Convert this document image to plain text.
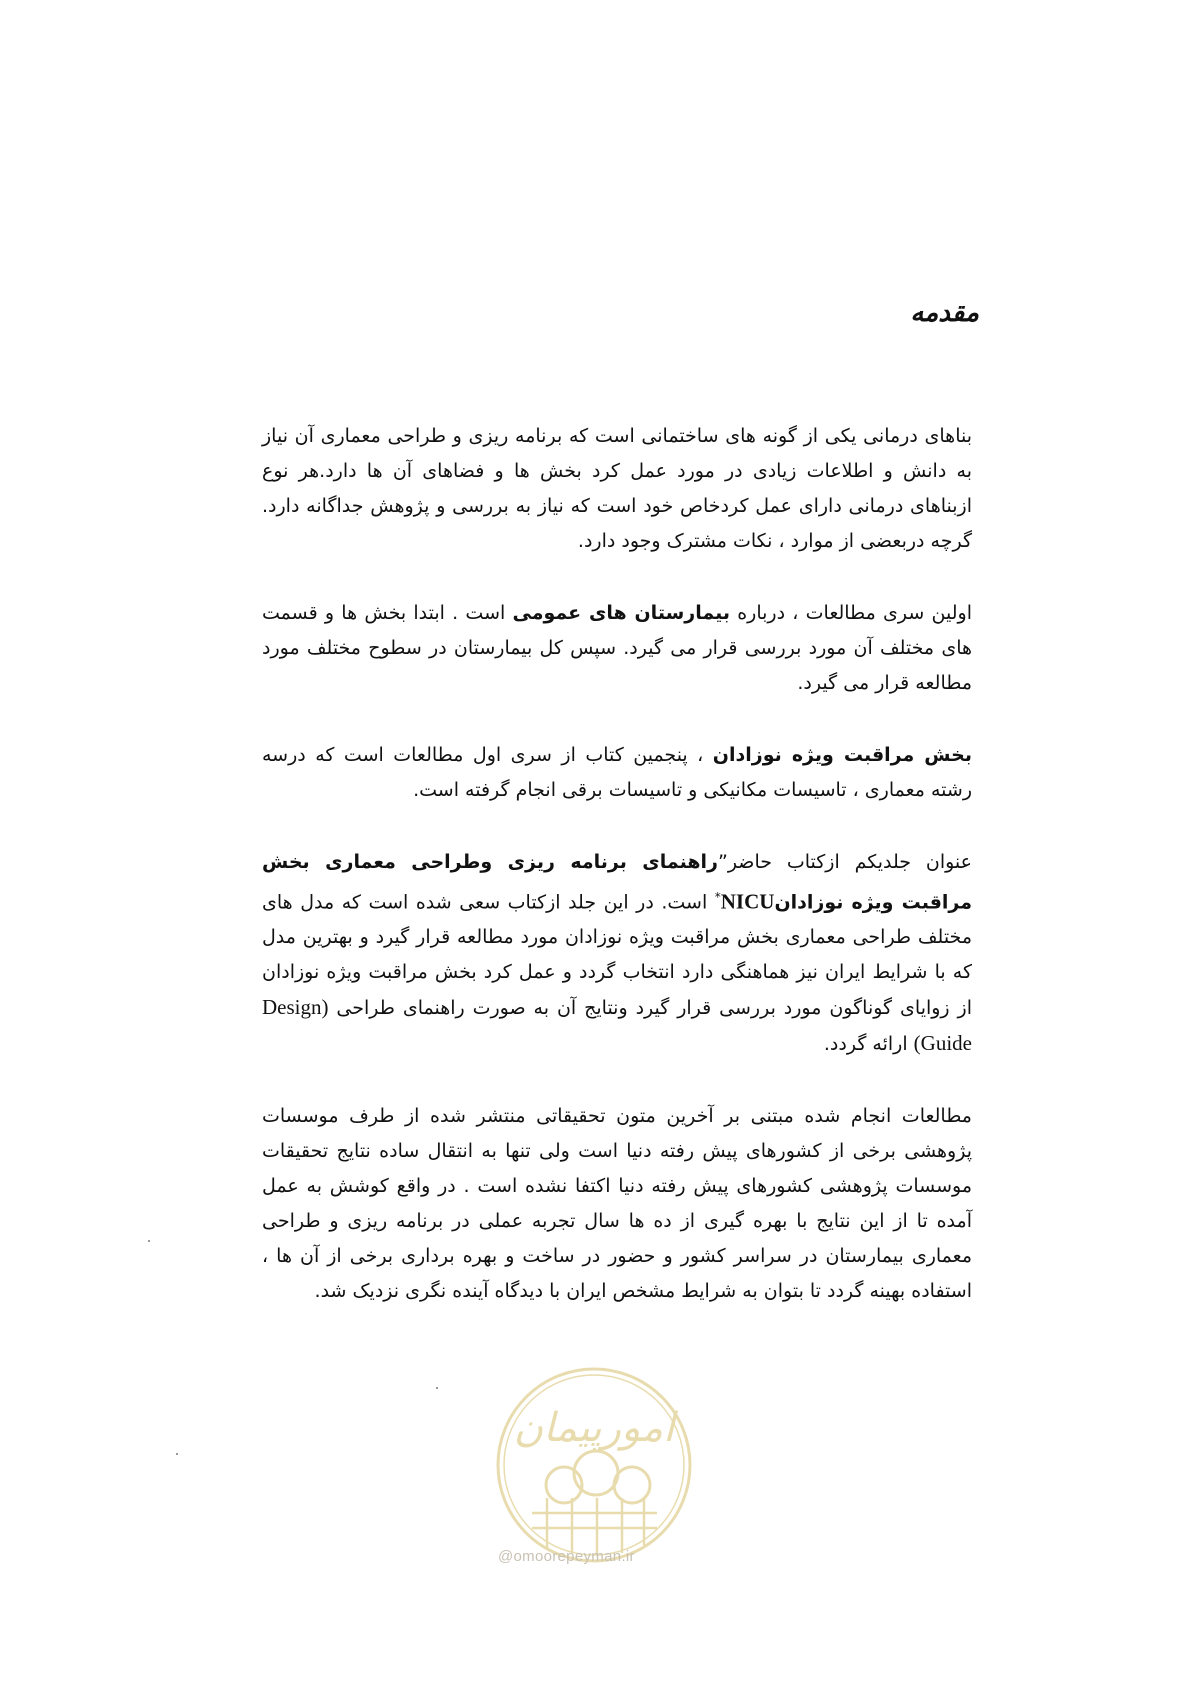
مقدمه

بناهای درمانی یکی از گونه های ساختمانی است که برنامه ریزی و طراحی معماری آن نیاز به دانش و اطلاعات زیادی در مورد عمل کرد بخش ها و فضاهای آن ها دارد.هر نوع ازبناهای درمانی دارای عمل کردخاص خود است که نیاز به بررسی و پژوهش جداگانه دارد. گرچه دربعضی از موارد ، نکات مشترک وجود دارد.

اولین سری مطالعات ، درباره بیمارستان های عمومی است . ابتدا بخش ها و قسمت های مختلف آن مورد بررسی قرار می گیرد. سپس کل بیمارستان در سطوح مختلف مورد مطالعه قرار می گیرد.

بخش مراقبت ویژه نوزادان ، پنجمین کتاب از سری اول مطالعات است که درسه رشته معماری ، تاسیسات مکانیکی و تاسیسات برقی انجام گرفته است.

عنوان جلدیکم ازکتاب حاضر”راهنمای برنامه ریزی وطراحی معماری بخش مراقبت ویژه نوزادانNICU* است. در این جلد ازکتاب سعی شده است که مدل های مختلف طراحی معماری بخش مراقبت ویژه نوزادان مورد مطالعه قرار گیرد و بهترین مدل که با شرایط ایران نیز هماهنگی دارد انتخاب گردد و عمل کرد بخش مراقبت ویژه نوزادان از زوایای گوناگون مورد بررسی قرار گیرد ونتایج آن به صورت راهنمای طراحی (Design Guide) ارائه گردد.

مطالعات انجام شده مبتنی بر آخرین متون تحقیقاتی منتشر شده از طرف موسسات پژوهشی برخی از کشورهای پیش رفته دنیا است ولی تنها به انتقال ساده نتایج تحقیقات موسسات پژوهشی کشورهای پیش رفته دنیا اکتفا نشده است . در واقع کوشش به عمل آمده تا از این نتایج با بهره گیری از ده ها سال تجربه عملی در برنامه ریزی و طراحی معماری بیمارستان در سراسر کشور و حضور در ساخت و بهره برداری برخی از آن ها ، استفاده بهینه گردد تا بتوان به شرایط مشخص ایران با دیدگاه آینده نگری نزدیک شد.

امورپیمان
@omoorepeyman.ir
